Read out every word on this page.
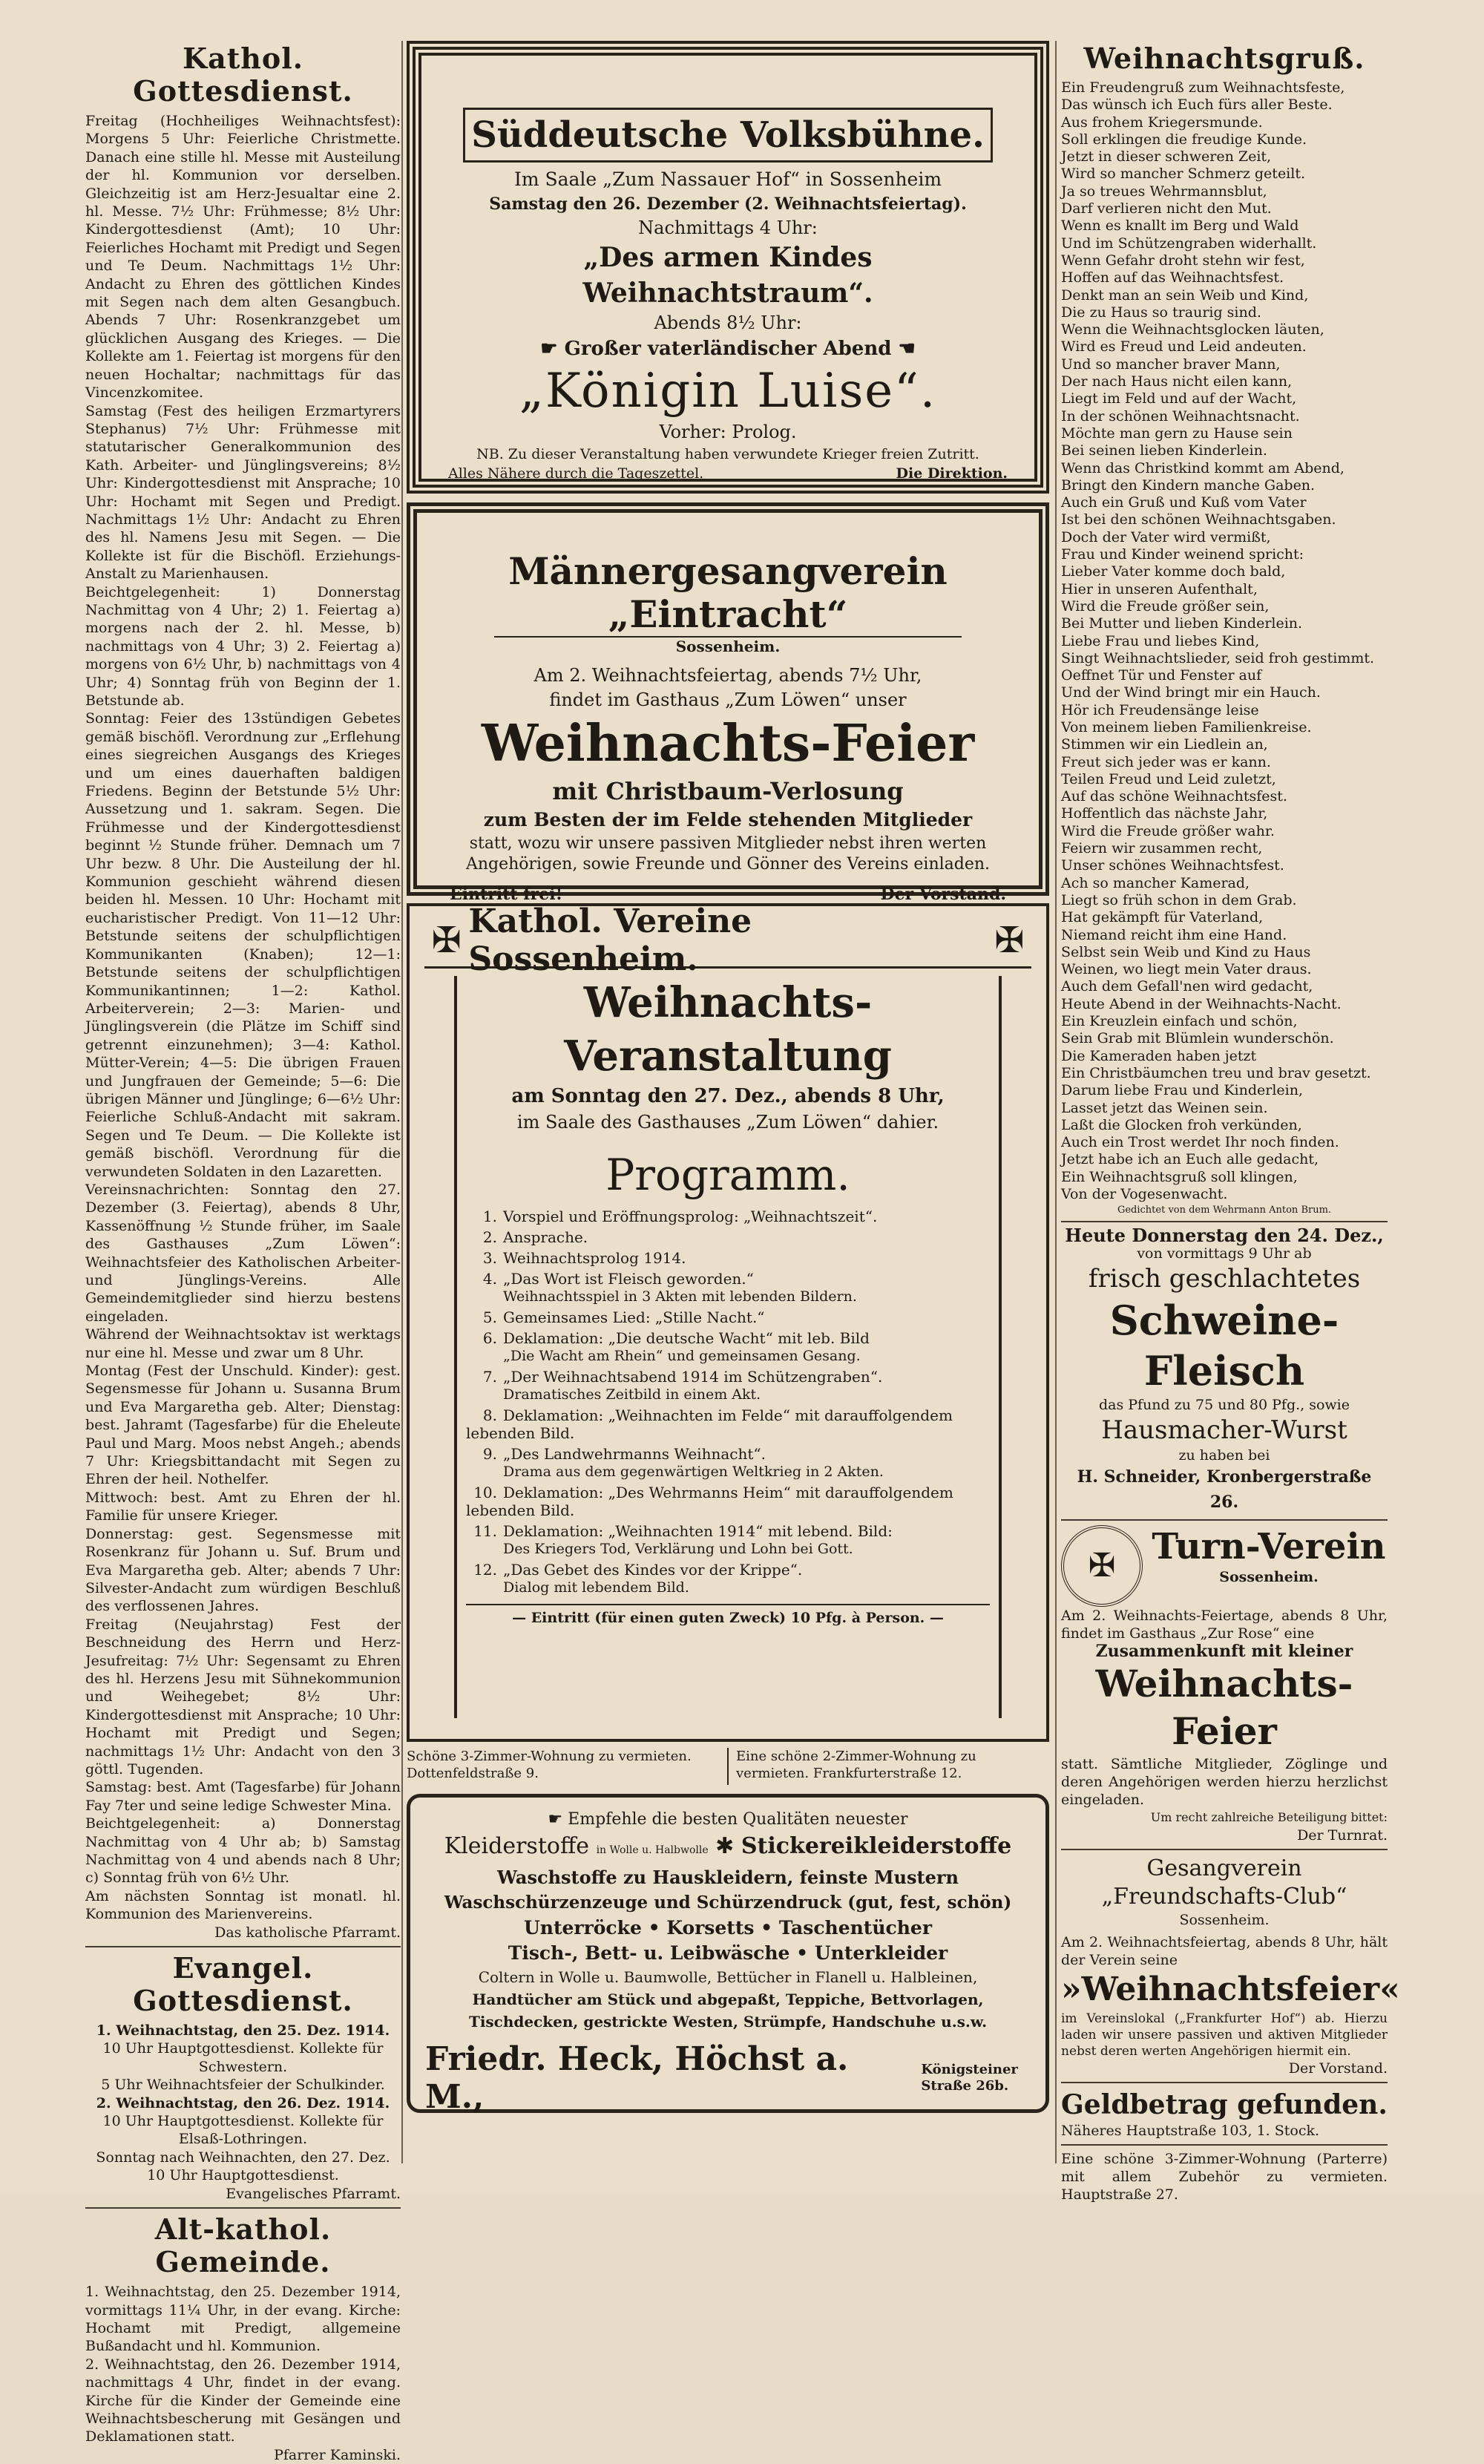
Kathol. Gottesdienst.

Freitag (Hochheiliges Weihnachtsfest): Morgens 5 Uhr: Feierliche Christmette. Danach eine stille hl. Messe mit Austeilung der hl. Kommunion vor derselben. Gleichzeitig ist am Herz-Jesualtar eine 2. hl. Messe. 7½ Uhr: Frühmesse; 8½ Uhr: Kindergottesdienst (Amt); 10 Uhr: Feierliches Hochamt mit Predigt und Segen und Te Deum. Nachmittags 1½ Uhr: Andacht zu Ehren des göttlichen Kindes mit Segen nach dem alten Gesangbuch. Abends 7 Uhr: Rosenkranzgebet um glücklichen Ausgang des Krieges. — Die Kollekte am 1. Feiertag ist morgens für den neuen Hochaltar; nachmittags für das Vincenzkomitee.

Samstag (Fest des heiligen Erzmartyrers Stephanus) 7½ Uhr: Frühmesse mit statutarischer Generalkommunion des Kath. Arbeiter- und Jünglingsvereins; 8½ Uhr: Kindergottesdienst mit Ansprache; 10 Uhr: Hochamt mit Segen und Predigt. Nachmittags 1½ Uhr: Andacht zu Ehren des hl. Namens Jesu mit Segen. — Die Kollekte ist für die Bischöfl. Erziehungs-Anstalt zu Marienhausen.

Beichtgelegenheit: 1) Donnerstag Nachmittag von 4 Uhr; 2) 1. Feiertag a) morgens nach der 2. hl. Messe, b) nachmittags von 4 Uhr; 3) 2. Feiertag a) morgens von 6½ Uhr, b) nachmittags von 4 Uhr; 4) Sonntag früh von Beginn der 1. Betstunde ab.

Sonntag: Feier des 13stündigen Gebetes gemäß bischöfl. Verordnung zur „Erflehung eines siegreichen Ausgangs des Krieges und um eines dauerhaften baldigen Friedens. Beginn der Betstunde 5½ Uhr: Aussetzung und 1. sakram. Segen. Die Frühmesse und der Kindergottesdienst beginnt ½ Stunde früher. Demnach um 7 Uhr bezw. 8 Uhr. Die Austeilung der hl. Kommunion geschieht während diesen beiden hl. Messen. 10 Uhr: Hochamt mit eucharistischer Predigt. Von 11—12 Uhr: Betstunde seitens der schulpflichtigen Kommunikanten (Knaben); 12—1: Betstunde seitens der schulpflichtigen Kommunikantinnen; 1—2: Kathol. Arbeiterverein; 2—3: Marien- und Jünglingsverein (die Plätze im Schiff sind getrennt einzunehmen); 3—4: Kathol. Mütter-Verein; 4—5: Die übrigen Frauen und Jungfrauen der Gemeinde; 5—6: Die übrigen Männer und Jünglinge; 6—6½ Uhr: Feierliche Schluß-Andacht mit sakram. Segen und Te Deum. — Die Kollekte ist gemäß bischöfl. Verordnung für die verwundeten Soldaten in den Lazaretten.

Vereinsnachrichten: Sonntag den 27. Dezember (3. Feiertag), abends 8 Uhr, Kassenöffnung ½ Stunde früher, im Saale des Gasthauses „Zum Löwen“: Weihnachtsfeier des Katholischen Arbeiter- und Jünglings-Vereins. Alle Gemeindemitglieder sind hierzu bestens eingeladen.

Während der Weihnachtsoktav ist werktags nur eine hl. Messe und zwar um 8 Uhr.

Montag (Fest der Unschuld. Kinder): gest. Segensmesse für Johann u. Susanna Brum und Eva Margaretha geb. Alter; Dienstag: best. Jahramt (Tagesfarbe) für die Eheleute Paul und Marg. Moos nebst Angeh.; abends 7 Uhr: Kriegsbittandacht mit Segen zu Ehren der heil. Nothelfer.

Mittwoch: best. Amt zu Ehren der hl. Familie für unsere Krieger.

Donnerstag: gest. Segensmesse mit Rosenkranz für Johann u. Suf. Brum und Eva Margaretha geb. Alter; abends 7 Uhr: Silvester-Andacht zum würdigen Beschluß des verflossenen Jahres.

Freitag (Neujahrstag) Fest der Beschneidung des Herrn und Herz-Jesufreitag: 7½ Uhr: Segensamt zu Ehren des hl. Herzens Jesu mit Sühnekommunion und Weihegebet; 8½ Uhr: Kindergottesdienst mit Ansprache; 10 Uhr: Hochamt mit Predigt und Segen; nachmittags 1½ Uhr: Andacht von den 3 göttl. Tugenden.

Samstag: best. Amt (Tagesfarbe) für Johann Fay 7ter und seine ledige Schwester Mina.

Beichtgelegenheit: a) Donnerstag Nachmittag von 4 Uhr ab; b) Samstag Nachmittag von 4 und abends nach 8 Uhr; c) Sonntag früh von 6½ Uhr.

Am nächsten Sonntag ist monatl. hl. Kommunion des Marienvereins.

Das katholische Pfarramt.

Evangel. Gottesdienst.

1. Weihnachtstag, den 25. Dez. 1914.

10 Uhr Hauptgottesdienst. Kollekte für Schwestern.

5 Uhr Weihnachtsfeier der Schulkinder.

2. Weihnachtstag, den 26. Dez. 1914.

10 Uhr Hauptgottesdienst. Kollekte für Elsaß-Lothringen.

Sonntag nach Weihnachten, den 27. Dez. 10 Uhr Hauptgottesdienst.

Evangelisches Pfarramt.

Alt-kathol. Gemeinde.

1. Weihnachtstag, den 25. Dezember 1914, vormittags 11¼ Uhr, in der evang. Kirche: Hochamt mit Predigt, allgemeine Bußandacht und hl. Kommunion.

2. Weihnachtstag, den 26. Dezember 1914, nachmittags 4 Uhr, findet in der evang. Kirche für die Kinder der Gemeinde eine Weihnachtsbescherung mit Gesängen und Deklamationen statt.

Pfarrer Kaminski.

Süddeutsche Volksbühne.
Im Saale „Zum Nassauer Hof“ in Sossenheim
Samstag den 26. Dezember (2. Weihnachtsfeiertag).
Nachmittags 4 Uhr:
„Des armen Kindes Weihnachtstraum“.
Abends 8½ Uhr:
☛ Großer vaterländischer Abend ☚
„Königin Luise“.
Vorher: Prolog.
NB. Zu dieser Veranstaltung haben verwundete Krieger freien Zutritt.
Alles Nähere durch die Tageszettel.	Die Direktion.
Männergesangverein „Eintracht“
Sossenheim.
Am 2. Weihnachtsfeiertag, abends 7½ Uhr,
findet im Gasthaus „Zum Löwen“ unser
Weihnachts-Feier
mit Christbaum-Verlosung
zum Besten der im Felde stehenden Mitglieder
statt, wozu wir unsere passiven Mitglieder nebst ihren werten Angehörigen, sowie Freunde und Gönner des Vereins einladen.
Eintritt frei!	Der Vorstand.
✠ Kathol. Vereine Sossenheim.	✠
Weihnachts-Veranstaltung
am Sonntag den 27. Dez., abends 8 Uhr,
im Saale des Gasthauses „Zum Löwen“ dahier.
Programm.
1. Vorspiel und Eröffnungsprolog: „Weihnachtszeit“.
2. Ansprache.
3. Weihnachtsprolog 1914.
4. „Das Wort ist Fleisch geworden.“
Weihnachtsspiel in 3 Akten mit lebenden Bildern.
5. Gemeinsames Lied: „Stille Nacht.“
6. Deklamation: „Die deutsche Wacht“ mit leb. Bild
„Die Wacht am Rhein“ und gemeinsamen Gesang.
7. „Der Weihnachtsabend 1914 im Schützengraben“.
Dramatisches Zeitbild in einem Akt.
8. Deklamation: „Weihnachten im Felde“ mit darauffolgendem lebenden Bild.
9. „Des Landwehrmanns Weihnacht“.
Drama aus dem gegenwärtigen Weltkrieg in 2 Akten.
10. Deklamation: „Des Wehrmanns Heim“ mit darauffolgendem lebenden Bild.
11. Deklamation: „Weihnachten 1914“ mit lebend. Bild:
Des Kriegers Tod, Verklärung und Lohn bei Gott.
12. „Das Gebet des Kindes vor der Krippe“.
Dialog mit lebendem Bild.
— Eintritt (für einen guten Zweck) 10 Pfg. à Person. —
Schöne 3-Zimmer-Wohnung zu vermieten. Dottenfeldstraße 9.
Eine schöne 2-Zimmer-Wohnung zu vermieten. Frankfurterstraße 12.
☛ Empfehle die besten Qualitäten neuester
Kleiderstoffe in Wolle u. Halbwolle ✱ Stickereikleiderstoffe
Waschstoffe zu Hauskleidern, feinste Mustern
Waschschürzenzeuge und Schürzendruck (gut, fest, schön)
Unterröcke • Korsetts • Taschentücher
Tisch-, Bett- u. Leibwäsche • Unterkleider
Coltern in Wolle u. Baumwolle, Bettücher in Flanell u. Halbleinen,
Handtücher am Stück und abgepaßt, Teppiche, Bettvorlagen,
Tischdecken, gestrickte Westen, Strümpfe, Handschuhe u.s.w.
Friedr. Heck, Höchst a. M.,
Königsteiner Straße 26b.
Weihnachtsgruß.
Ein Freudengruß zum Weihnachtsfeste,
Das wünsch ich Euch fürs aller Beste.
Aus frohem Kriegersmunde.
Soll erklingen die freudige Kunde.
Jetzt in dieser schweren Zeit,
Wird so mancher Schmerz geteilt.
Ja so treues Wehrmannsblut,
Darf verlieren nicht den Mut.
Wenn es knallt im Berg und Wald
Und im Schützengraben widerhallt.
Wenn Gefahr droht stehn wir fest,
Hoffen auf das Weihnachtsfest.
Denkt man an sein Weib und Kind,
Die zu Haus so traurig sind.
Wenn die Weihnachtsglocken läuten,
Wird es Freud und Leid andeuten.
Und so mancher braver Mann,
Der nach Haus nicht eilen kann,
Liegt im Feld und auf der Wacht,
In der schönen Weihnachtsnacht.
Möchte man gern zu Hause sein
Bei seinen lieben Kinderlein.
Wenn das Christkind kommt am Abend,
Bringt den Kindern manche Gaben.
Auch ein Gruß und Kuß vom Vater
Ist bei den schönen Weihnachtsgaben.
Doch der Vater wird vermißt,
Frau und Kinder weinend spricht:
Lieber Vater komme doch bald,
Hier in unseren Aufenthalt,
Wird die Freude größer sein,
Bei Mutter und lieben Kinderlein.
Liebe Frau und liebes Kind,
Singt Weihnachtslieder, seid froh gestimmt.
Oeffnet Tür und Fenster auf
Und der Wind bringt mir ein Hauch.
Hör ich Freudensänge leise
Von meinem lieben Familienkreise.
Stimmen wir ein Liedlein an,
Freut sich jeder was er kann.
Teilen Freud und Leid zuletzt,
Auf das schöne Weihnachtsfest.
Hoffentlich das nächste Jahr,
Wird die Freude größer wahr.
Feiern wir zusammen recht,
Unser schönes Weihnachtsfest.
Ach so mancher Kamerad,
Liegt so früh schon in dem Grab.
Hat gekämpft für Vaterland,
Niemand reicht ihm eine Hand.
Selbst sein Weib und Kind zu Haus
Weinen, wo liegt mein Vater draus.
Auch dem Gefall'nen wird gedacht,
Heute Abend in der Weihnachts-Nacht.
Ein Kreuzlein einfach und schön,
Sein Grab mit Blümlein wunderschön.
Die Kameraden haben jetzt
Ein Christbäumchen treu und brav gesetzt.
Darum liebe Frau und Kinderlein,
Lasset jetzt das Weinen sein.
Laßt die Glocken froh verkünden,
Auch ein Trost werdet Ihr noch finden.
Jetzt habe ich an Euch alle gedacht,
Ein Weihnachtsgruß soll klingen,
Von der Vogesenwacht.
Gedichtet von dem Wehrmann Anton Brum.
Heute Donnerstag den 24. Dez.,
von vormittags 9 Uhr ab
frisch geschlachtetes
Schweine-Fleisch
das Pfund zu 75 und 80 Pfg., sowie
Hausmacher-Wurst
zu haben bei
H. Schneider, Kronbergerstraße 26.
✠	Turn-Verein
Sossenheim.
Am 2. Weihnachts-Feiertage, abends 8 Uhr, findet im Gasthaus „Zur Rose“ eine
Zusammenkunft mit kleiner
Weihnachts-Feier
statt. Sämtliche Mitglieder, Zöglinge und deren Angehörigen werden hierzu herzlichst eingeladen.
Um recht zahlreiche Beteiligung bittet:
Der Turnrat.
Gesangverein
„Freundschafts-Club“
Sossenheim.
Am 2. Weihnachtsfeiertag, abends 8 Uhr, hält der Verein seine
»Weihnachtsfeier«
im Vereinslokal („Frankfurter Hof“) ab. Hierzu laden wir unsere passiven und aktiven Mitglieder nebst deren werten Angehörigen hiermit ein.
Der Vorstand.
Geldbetrag gefunden.
Näheres Hauptstraße 103, 1. Stock.
Eine schöne 3-Zimmer-Wohnung (Parterre) mit allem Zubehör zu vermieten. Hauptstraße 27.
